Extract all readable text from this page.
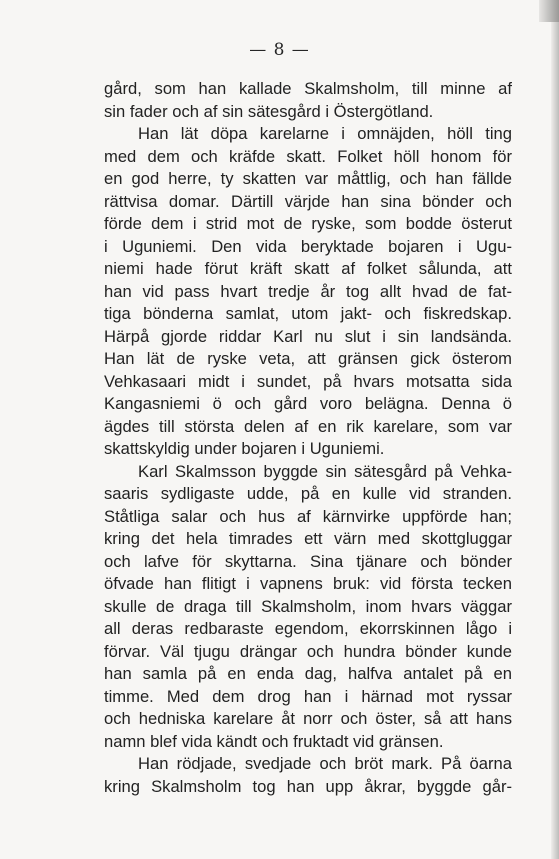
— 8 —

gård, som han kallade Skalmsholm, till minne af
sin fader och af sin sätesgård i Östergötland.
Han lät döpa karelarne i omnäjden, höll ting
med dem och kräfde skatt. Folket höll honom för
en god herre, ty skatten var måttlig, och han fällde
rättvisa domar. Därtill värjde han sina bönder och
förde dem i strid mot de ryske, som bodde österut
i Uguniemi. Den vida beryktade bojaren i Ugu-
niemi hade förut kräft skatt af folket sålunda, att
han vid pass hvart tredje år tog allt hvad de fat-
tiga bönderna samlat, utom jakt- och fiskredskap.
Härpå gjorde riddar Karl nu slut i sin landsända.
Han lät de ryske veta, att gränsen gick österom
Vehkasaari midt i sundet, på hvars motsatta sida
Kangasniemi ö och gård voro belägna. Denna ö
ägdes till största delen af en rik karelare, som var
skattskyldig under bojaren i Uguniemi.
Karl Skalmsson byggde sin sätesgård på Vehka-
saaris sydligaste udde, på en kulle vid stranden.
Ståtliga salar och hus af kärnvirke uppförde han;
kring det hela timrades ett värn med skottgluggar
och lafve för skyttarna. Sina tjänare och bönder
öfvade han flitigt i vapnens bruk: vid första tecken
skulle de draga till Skalmsholm, inom hvars väggar
all deras redbaraste egendom, ekorrskinnen lågo i
förvar. Väl tjugu drängar och hundra bönder kunde
han samla på en enda dag, halfva antalet på en
timme. Med dem drog han i härnad mot ryssar
och hedniska karelare åt norr och öster, så att hans
namn blef vida kändt och fruktadt vid gränsen.
Han rödjade, svedjade och bröt mark. På öarna
kring Skalmsholm tog han upp åkrar, byggde går-
